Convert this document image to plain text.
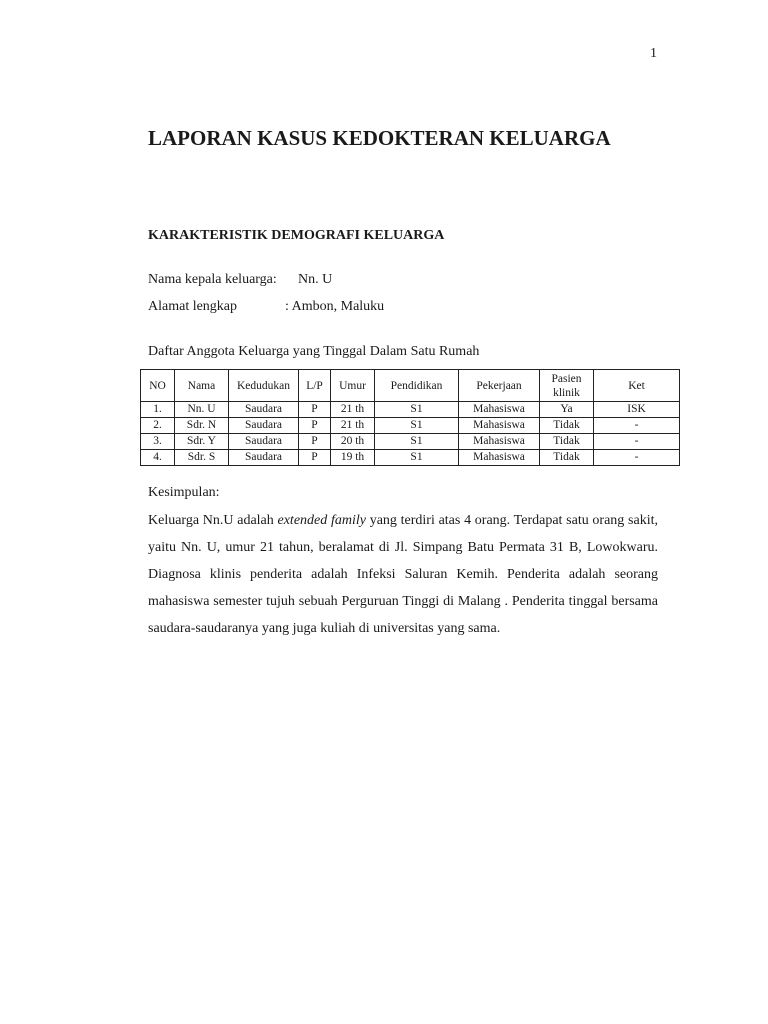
1
LAPORAN KASUS KEDOKTERAN KELUARGA
KARAKTERISTIK DEMOGRAFI KELUARGA
Nama kepala keluarga: Nn. U
Alamat lengkap	: Ambon, Maluku
Daftar Anggota Keluarga yang Tinggal Dalam Satu Rumah
NO	Nama	Kedudukan	L/P	Umur	Pendidikan	Pekerjaan	Pasien klinik	Ket
1.	Nn. U	Saudara	P	21 th	S1	Mahasiswa	Ya	ISK
2.	Sdr. N	Saudara	P	21 th	S1	Mahasiswa	Tidak	-
3.	Sdr. Y	Saudara	P	20 th	S1	Mahasiswa	Tidak	-
4.	Sdr. S	Saudara	P	19 th	S1	Mahasiswa	Tidak	-
Kesimpulan:

Keluarga Nn.U adalah extended family yang terdiri atas 4 orang. Terdapat satu orang sakit, yaitu Nn. U, umur 21 tahun, beralamat di Jl. Simpang Batu Permata 31 B, Lowokwaru. Diagnosa klinis penderita adalah Infeksi Saluran Kemih. Penderita adalah seorang mahasiswa semester tujuh sebuah Perguruan Tinggi di Malang . Penderita tinggal bersama saudara-saudaranya yang juga kuliah di universitas yang sama.
